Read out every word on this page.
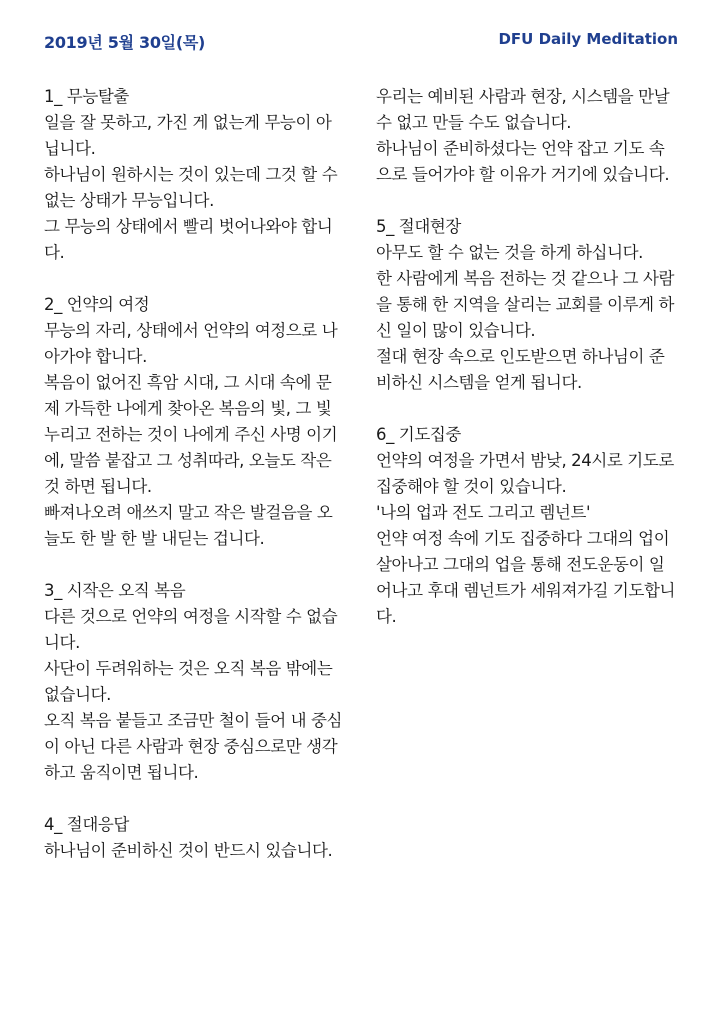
2019년 5월 30일(목)	DFU Daily Meditation

1_ 무능탈출

일을 잘 못하고, 가진 게 없는게 무능이 아닙니다.

하나님이 원하시는 것이 있는데 그것 할 수 없는 상태가 무능입니다.

그 무능의 상태에서 빨리 벗어나와야 합니다.

2_ 언약의 여정

무능의 자리, 상태에서 언약의 여정으로 나아가야 합니다.

복음이 없어진 흑암 시대, 그 시대 속에 문제 가득한 나에게 찾아온 복음의 빛, 그 빛 누리고 전하는 것이 나에게 주신 사명 이기에, 말씀 붙잡고 그 성취따라, 오늘도 작은 것 하면 됩니다.

빠져나오려 애쓰지 말고 작은 발걸음을 오늘도 한 발 한 발 내딛는 겁니다.

3_ 시작은 오직 복음

다른 것으로 언약의 여정을 시작할 수 없습니다.

사단이 두려워하는 것은 오직 복음 밖에는 없습니다.

오직 복음 붙들고 조금만 철이 들어 내 중심이 아닌 다른 사람과 현장 중심으로만 생각하고 움직이면 됩니다.

4_ 절대응답

하나님이 준비하신 것이 반드시 있습니다.

우리는 예비된 사람과 현장, 시스템을 만날 수 없고 만들 수도 없습니다.

하나님이 준비하셨다는 언약 잡고 기도 속으로 들어가야 할 이유가 거기에 있습니다.

5_ 절대현장

아무도 할 수 없는 것을 하게 하십니다.

한 사람에게 복음 전하는 것 같으나 그 사람을 통해 한 지역을 살리는 교회를 이루게 하신 일이 많이 있습니다.

절대 현장 속으로 인도받으면 하나님이 준비하신 시스템을 얻게 됩니다.

6_ 기도집중

언약의 여정을 가면서 밤낮, 24시로 기도로 집중해야 할 것이 있습니다.

'나의 업과 전도 그리고 렘넌트'

언약 여정 속에 기도 집중하다 그대의 업이 살아나고 그대의 업을 통해 전도운동이 일어나고 후대 렘넌트가 세워져가길 기도합니다.
